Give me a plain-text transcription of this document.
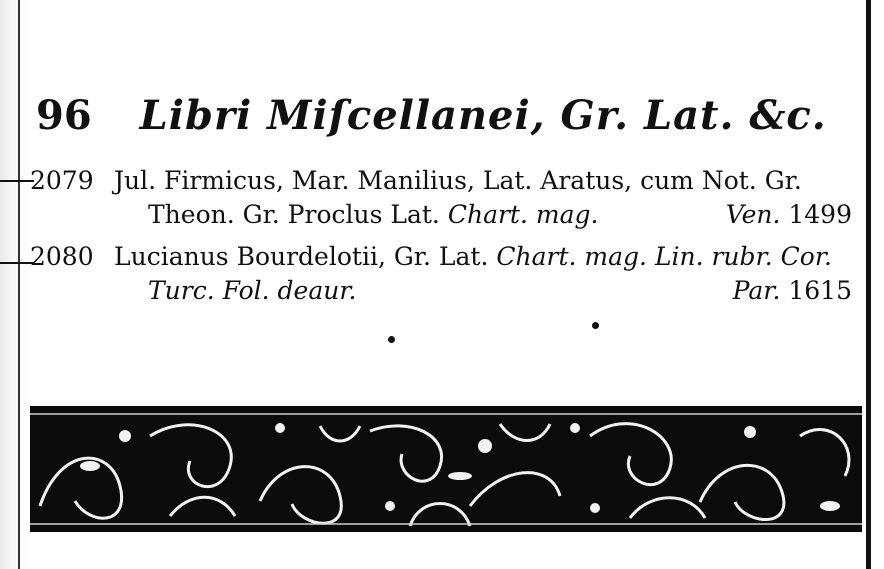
96 Libri Miſcellanei, Gr. Lat. &c.
2079 Jul. Firmicus, Mar. Manilius, Lat. Aratus, cum Not. Gr.
Theon. Gr. Proclus Lat. Chart. mag.	Ven. 1499
2080 Lucianus Bourdelotii, Gr. Lat. Chart. mag. Lin. rubr. Cor.
Turc. Fol. deaur.	Par. 1615
